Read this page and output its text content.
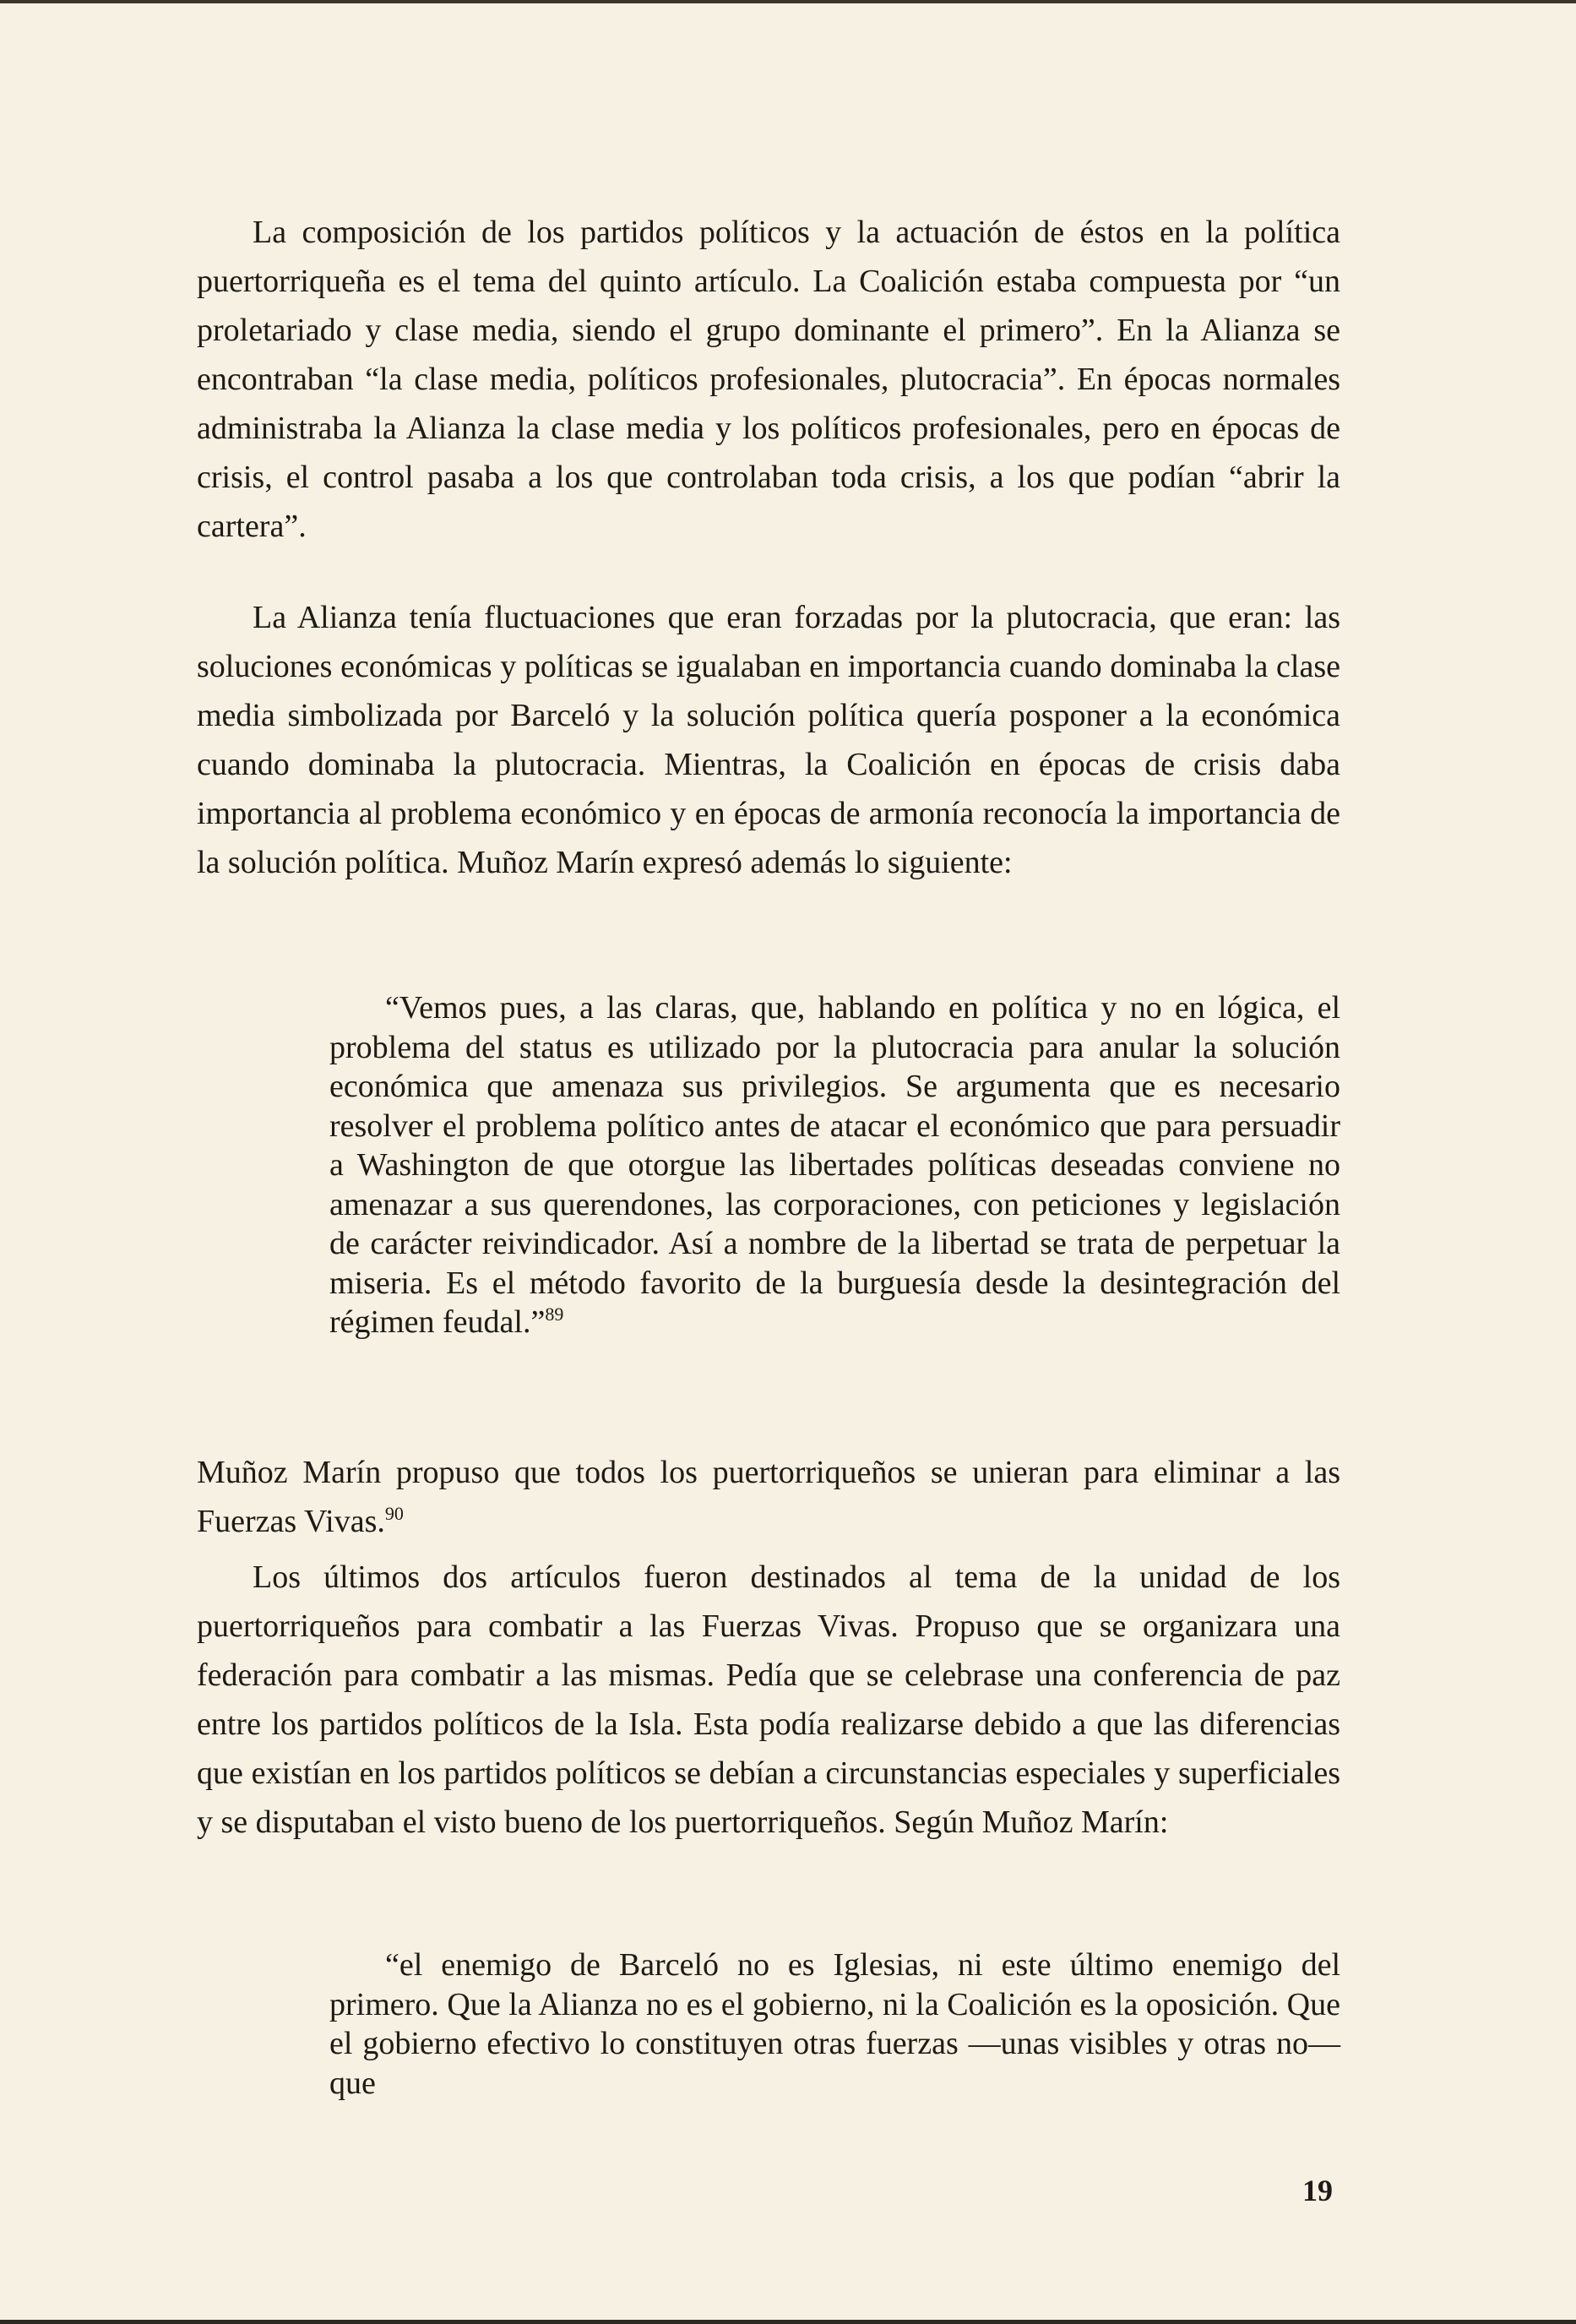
La composición de los partidos políticos y la actuación de éstos en la política puertorriqueña es el tema del quinto artículo. La Coalición estaba compuesta por “un proletariado y clase media, siendo el grupo dominante el primero”. En la Alianza se encontraban “la clase media, políticos profesionales, plutocracia”. En épocas normales administraba la Alianza la clase media y los políticos profesionales, pero en épocas de crisis, el control pasaba a los que controlaban toda crisis, a los que podían “abrir la cartera”.

La Alianza tenía fluctuaciones que eran forzadas por la plutocracia, que eran: las soluciones económicas y políticas se igualaban en importancia cuando dominaba la clase media simbolizada por Barceló y la solución política quería posponer a la económica cuando dominaba la plutocracia. Mientras, la Coalición en épocas de crisis daba importancia al problema económico y en épocas de armonía reconocía la importancia de la solución política. Muñoz Marín expresó además lo siguiente:

“Vemos pues, a las claras, que, hablando en política y no en lógica, el problema del status es utilizado por la plutocracia para anular la solución económica que amenaza sus privilegios. Se argumenta que es necesario resolver el problema político antes de atacar el económico que para persuadir a Washington de que otorgue las libertades políticas deseadas conviene no amenazar a sus querendones, las corporaciones, con peticiones y legislación de carácter reivindicador. Así a nombre de la libertad se trata de perpetuar la miseria. Es el método favorito de la burguesía desde la desintegración del régimen feudal.”$^{89}$

Muñoz Marín propuso que todos los puertorriqueños se unieran para eliminar a las Fuerzas Vivas.$^{90}$

Los últimos dos artículos fueron destinados al tema de la unidad de los puertorriqueños para combatir a las Fuerzas Vivas. Propuso que se organizara una federación para combatir a las mismas. Pedía que se celebrase una conferencia de paz entre los partidos políticos de la Isla. Esta podía realizarse debido a que las diferencias que existían en los partidos políticos se debían a circunstancias especiales y superficiales y se disputaban el visto bueno de los puertorriqueños. Según Muñoz Marín:

“el enemigo de Barceló no es Iglesias, ni este último enemigo del primero. Que la Alianza no es el gobierno, ni la Coalición es la oposición. Que el gobierno efectivo lo constituyen otras fuerzas —unas visibles y otras no— que

19
